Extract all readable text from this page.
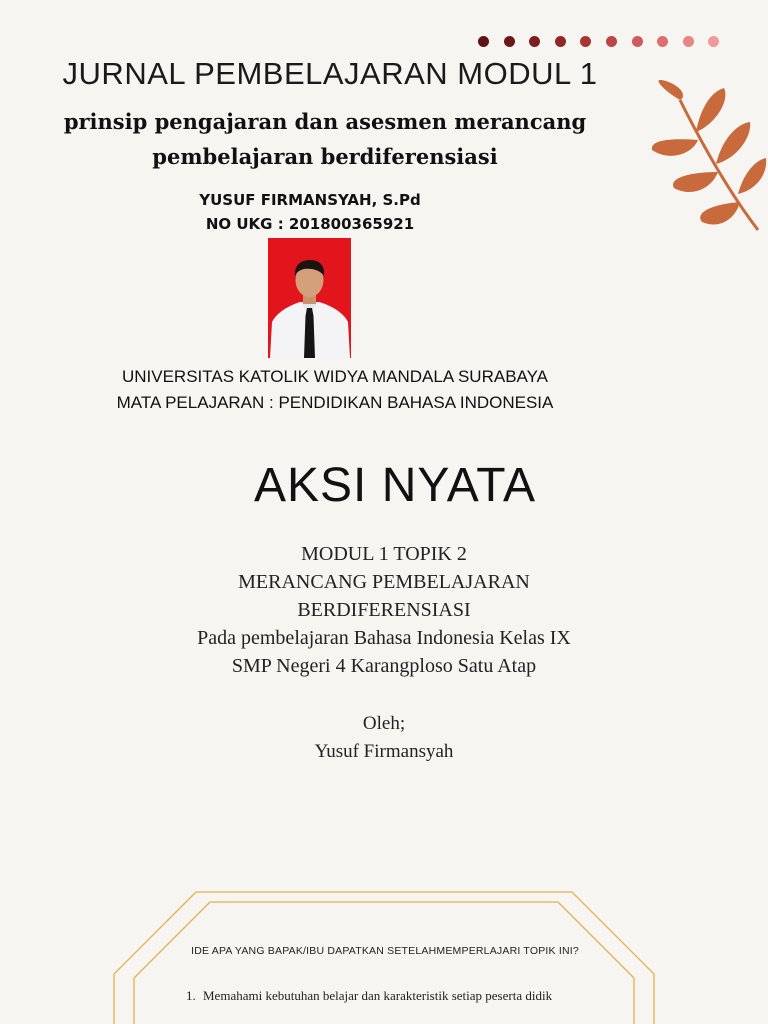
JURNAL PEMBELAJARAN MODUL 1
prinsip pengajaran dan asesmen merancang
pembelajaran berdiferensiasi
YUSUF FIRMANSYAH, S.Pd
NO UKG : 201800365921
UNIVERSITAS KATOLIK WIDYA MANDALA SURABAYA
MATA PELAJARAN : PENDIDIKAN BAHASA INDONESIA
AKSI NYATA
MODUL 1 TOPIK 2
MERANCANG PEMBELAJARAN
BERDIFERENSIASI
Pada pembelajaran Bahasa Indonesia Kelas IX
SMP Negeri 4 Karangploso Satu Atap
Oleh;
Yusuf Firmansyah
IDE APA YANG BAPAK/IBU DAPATKAN SETELAHMEMPERLAJARI TOPIK INI?
1. Memahami kebutuhan belajar dan karakteristik setiap peserta didik
